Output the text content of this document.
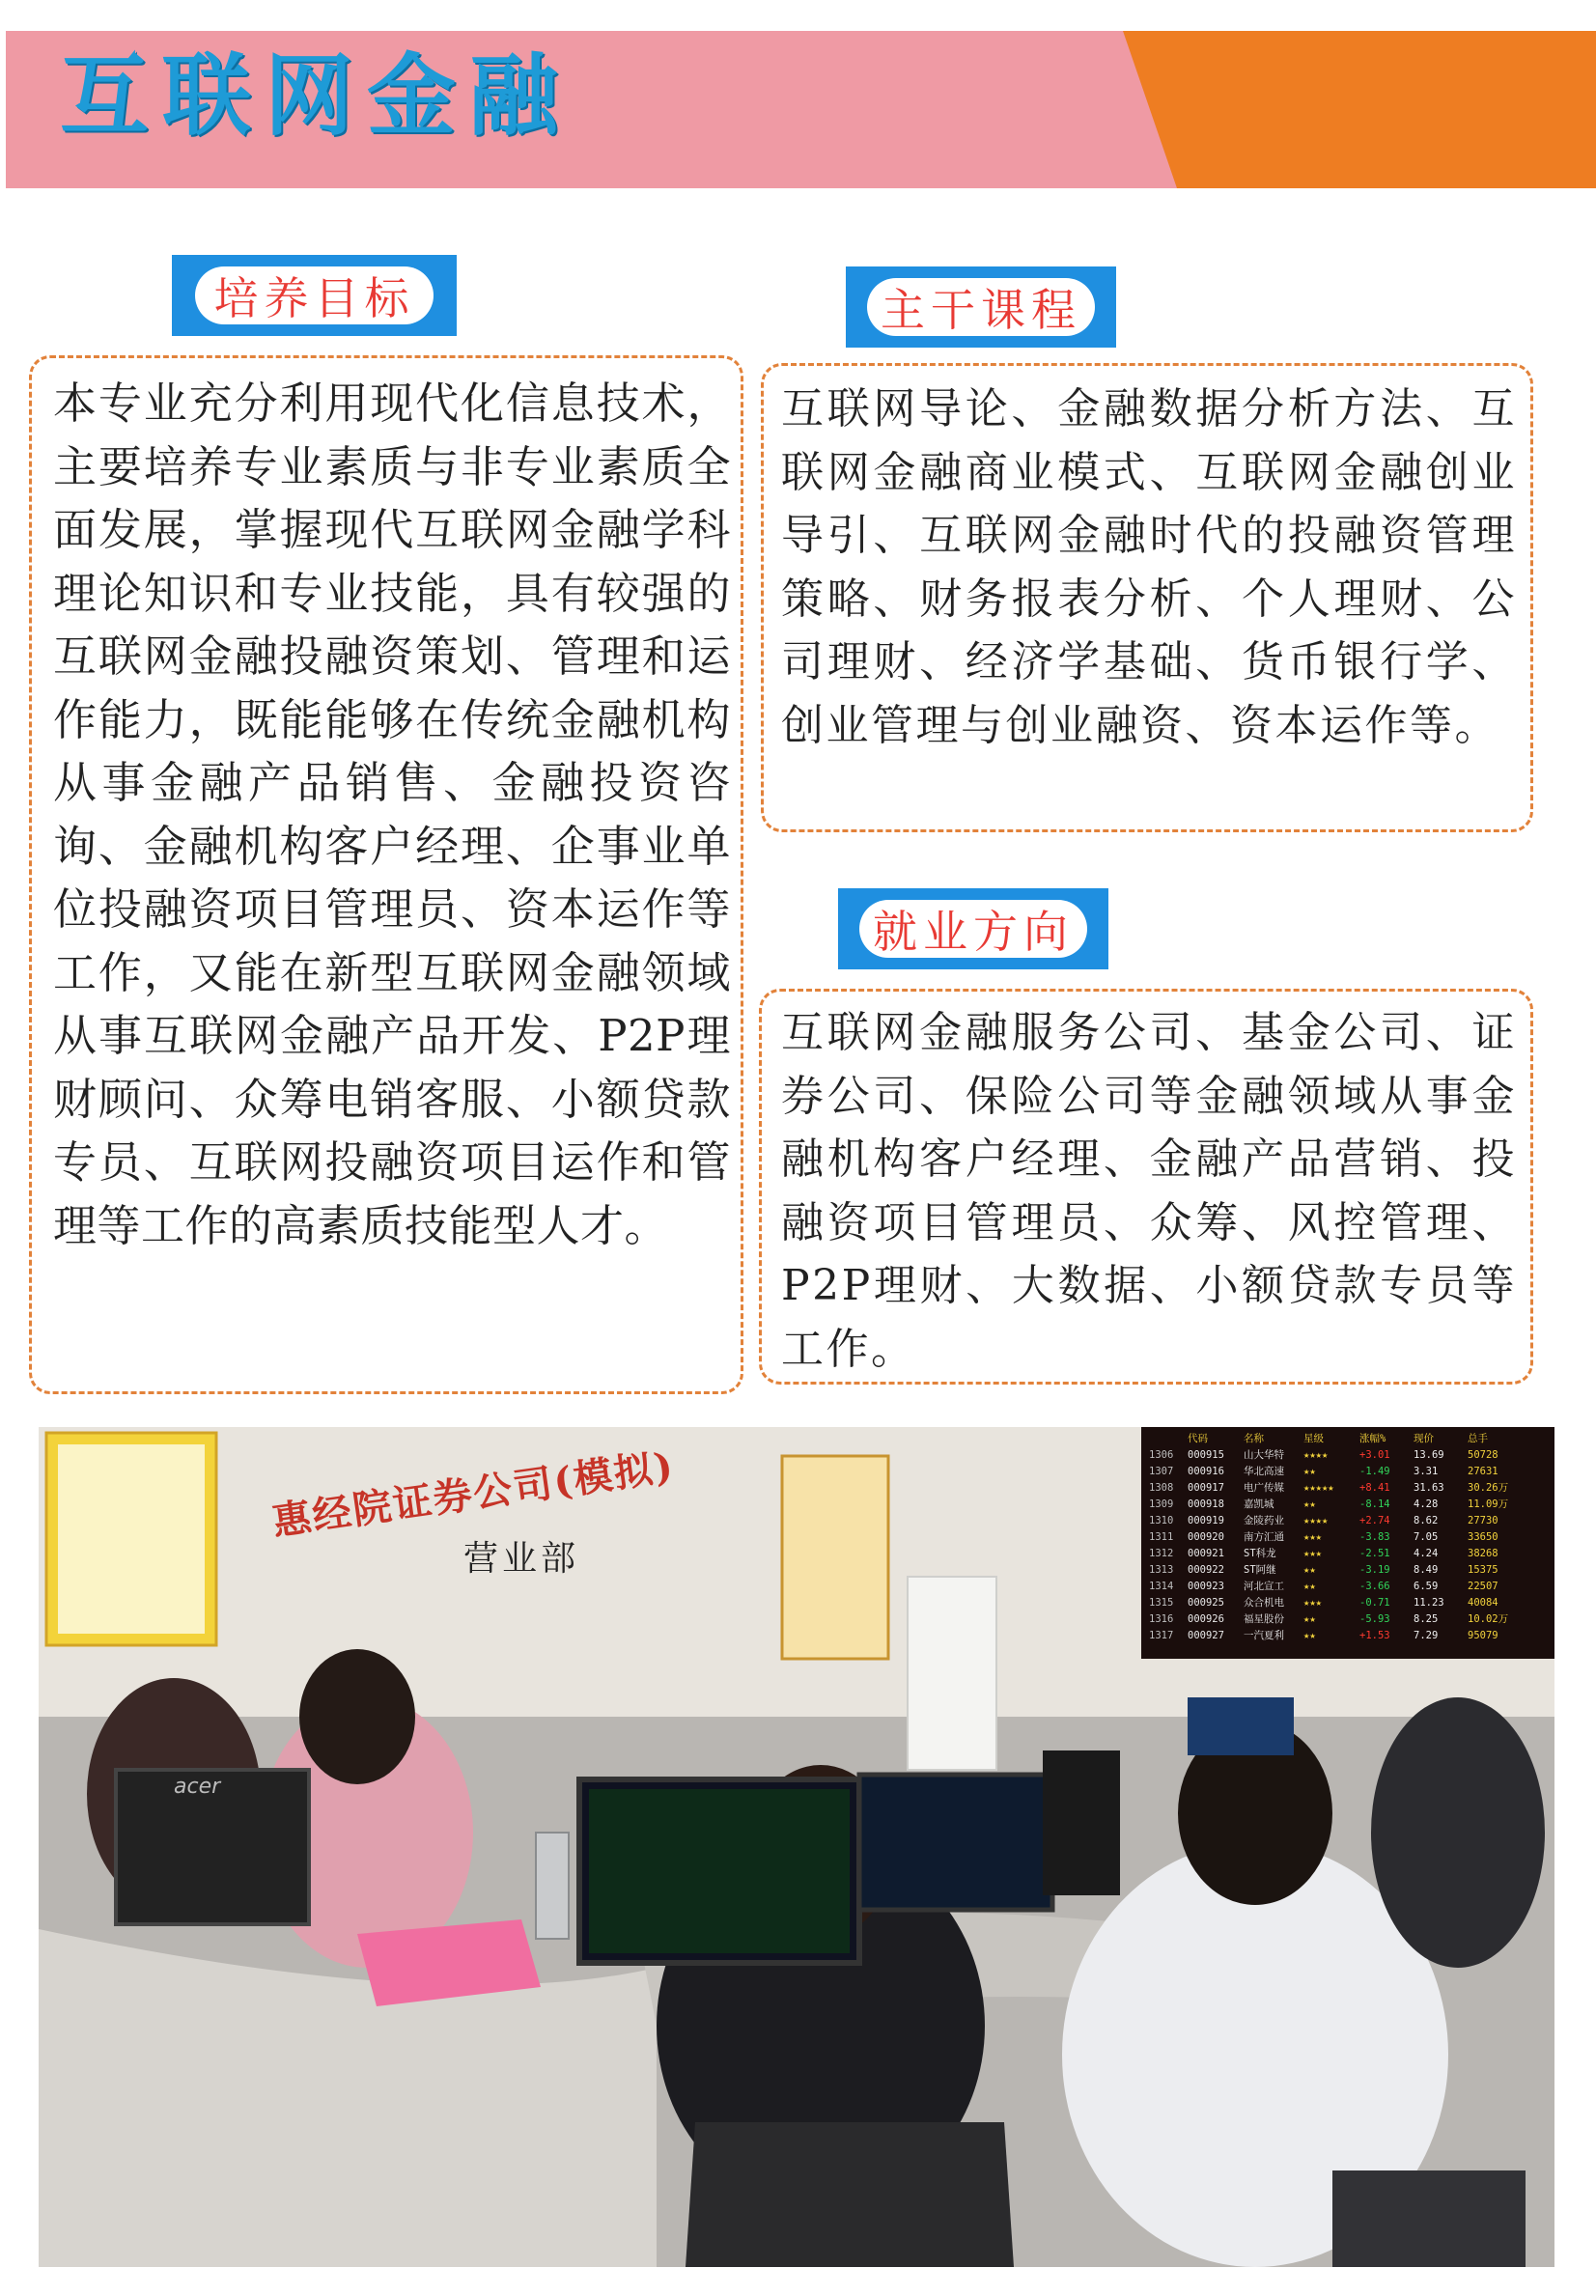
互联网金融
培养目标	主干课程
就业方向

本专业充分利用现代化信息技术，主要培养专业素质与非专业素质全面发展，掌握现代互联网金融学科理论知识和专业技能，具有较强的互联网金融投融资策划、管理和运作能力，既能能够在传统金融机构从事金融产品销售、金融投资咨询、金融机构客户经理、企事业单位投融资项目管理员、资本运作等工作，又能在新型互联网金融领域从事互联网金融产品开发、P2P理财顾问、众筹电销客服、小额贷款专员、互联网投融资项目运作和管理等工作的高素质技能型人才。

互联网导论、金融数据分析方法、互联网金融商业模式、互联网金融创业导引、互联网金融时代的投融资管理策略、财务报表分析、个人理财、公司理财、经济学基础、货币银行学、创业管理与创业融资、资本运作等。

互联网金融服务公司、基金公司、证券公司、保险公司等金融领域从事金融机构客户经理、金融产品营销、投融资项目管理员、众筹、风控管理、P2P理财、大数据、小额贷款专员等工作。

惠经院证券公司(模拟)
营业部
acer
代码	名称	星级	涨幅%	现价	总手
1306	000915	山大华特	★★★★	+3.01	13.69	50728
1307	000916	华北高速	★★	-1.49	3.31	27631
1308	000917	电广传媒	★★★★★	+8.41	31.63	30.26万
1309	000918	嘉凯城	★★	-8.14	4.28	11.09万
1310	000919	金陵药业	★★★★	+2.74	8.62	27730
1311	000920	南方汇通	★★★	-3.83	7.05	33650
1312	000921	ST科龙	★★★	-2.51	4.24	38268
1313	000922	ST阿继	★★	-3.19	8.49	15375
1314	000923	河北宣工	★★	-3.66	6.59	22507
1315	000925	众合机电	★★★	-0.71	11.23	40084
1316	000926	福星股份	★★	-5.93	8.25	10.02万
1317	000927	一汽夏利	★★	+1.53	7.29	95079
